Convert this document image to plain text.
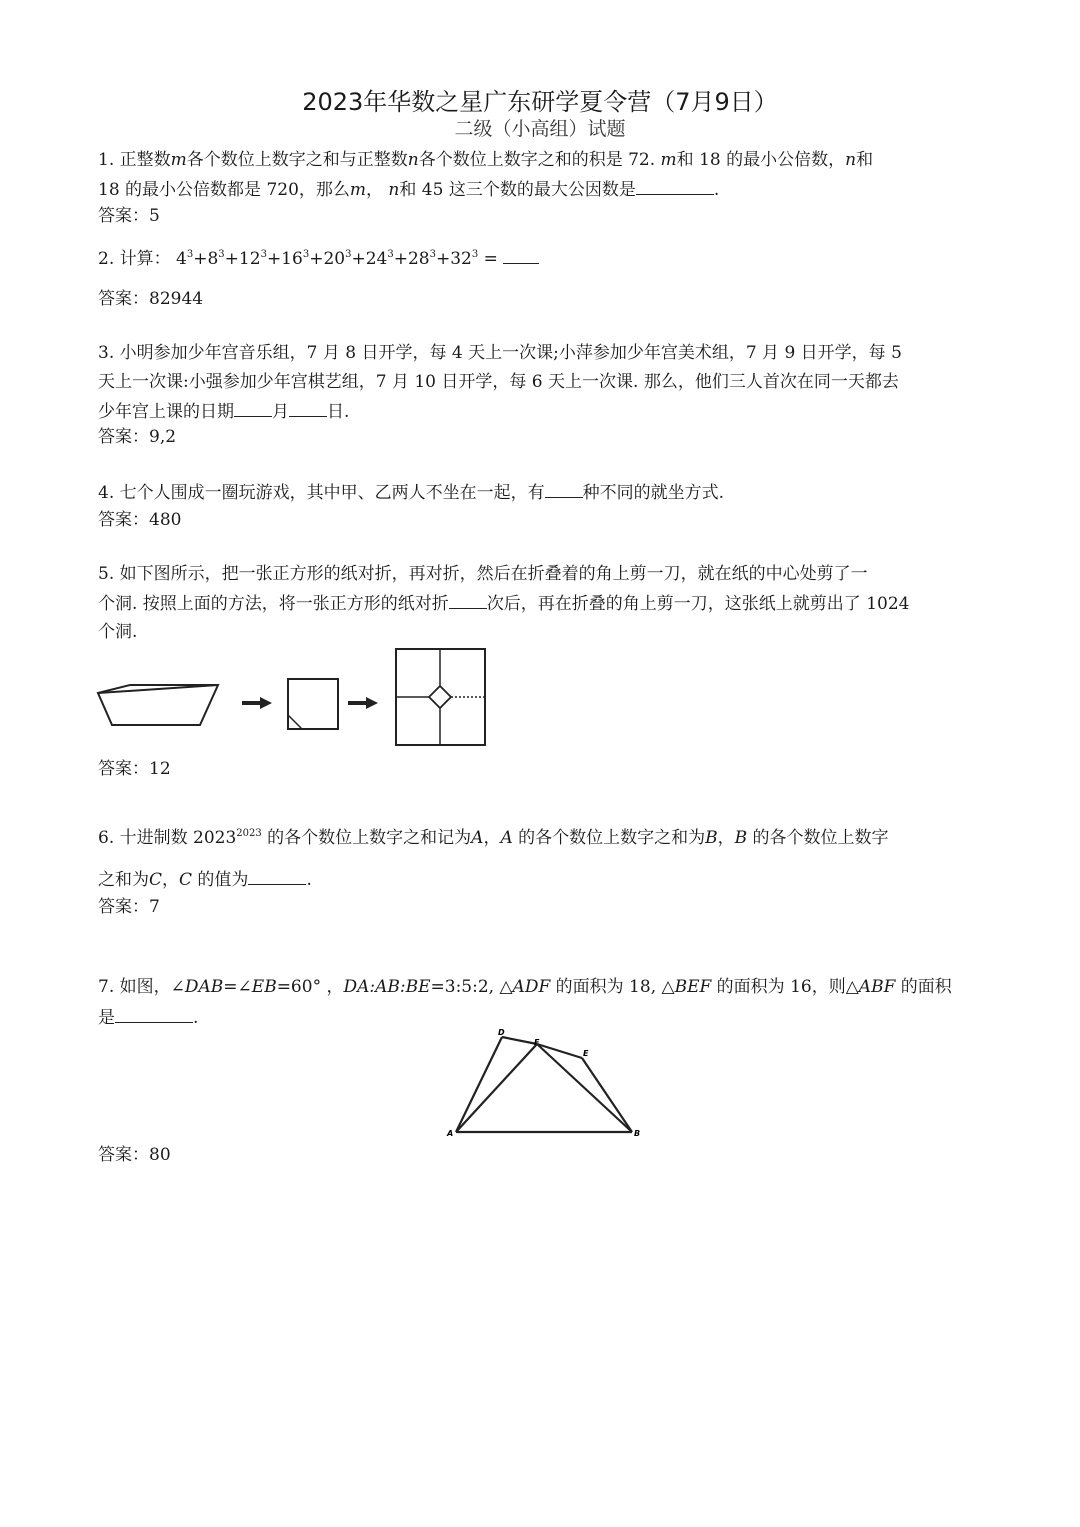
2023年华数之星广东研学夏令营（7月9日）
二级（小高组）试题
1. 正整数m各个数位上数字之和与正整数n各个数位上数字之和的积是 72. m和 18 的最小公倍数，n和
18 的最小公倍数都是 720，那么m， n和 45 这三个数的最大公因数是	.
答案：5
2. 计算： $4^3+8^3+12^3+16^3+20^3+24^3+28^3+32^3$ =
答案：82944
3. 小明参加少年宫音乐组，7 月 8 日开学，每 4 天上一次课;小萍参加少年宫美术组，7 月 9 日开学，每 5
天上一次课:小强参加少年宫棋艺组，7 月 10 日开学，每 6 天上一次课. 那么，他们三人首次在同一天都去
少年宫上课的日期 月 日.
答案：9,2
4. 七个人围成一圈玩游戏，其中甲、乙两人不坐在一起，有 种不同的就坐方式.
答案：480
5. 如下图所示，把一张正方形的纸对折，再对折，然后在折叠着的角上剪一刀，就在纸的中心处剪了一
个洞. 按照上面的方法，将一张正方形的纸对折 次后，再在折叠的角上剪一刀，这张纸上就剪出了 1024
个洞.
答案：12
6. 十进制数 $2023^{2023}$ 的各个数位上数字之和记为A，A 的各个数位上数字之和为B，B 的各个数位上数字
之和为C，C 的值为	.
答案：7
7. 如图，∠DAB=∠EB=60° ，DA:AB:BE=3:5:2, △ADF 的面积为 18, △BEF 的面积为 16，则△ABF 的面积
是	.
D
F
E
A	B
答案：80
